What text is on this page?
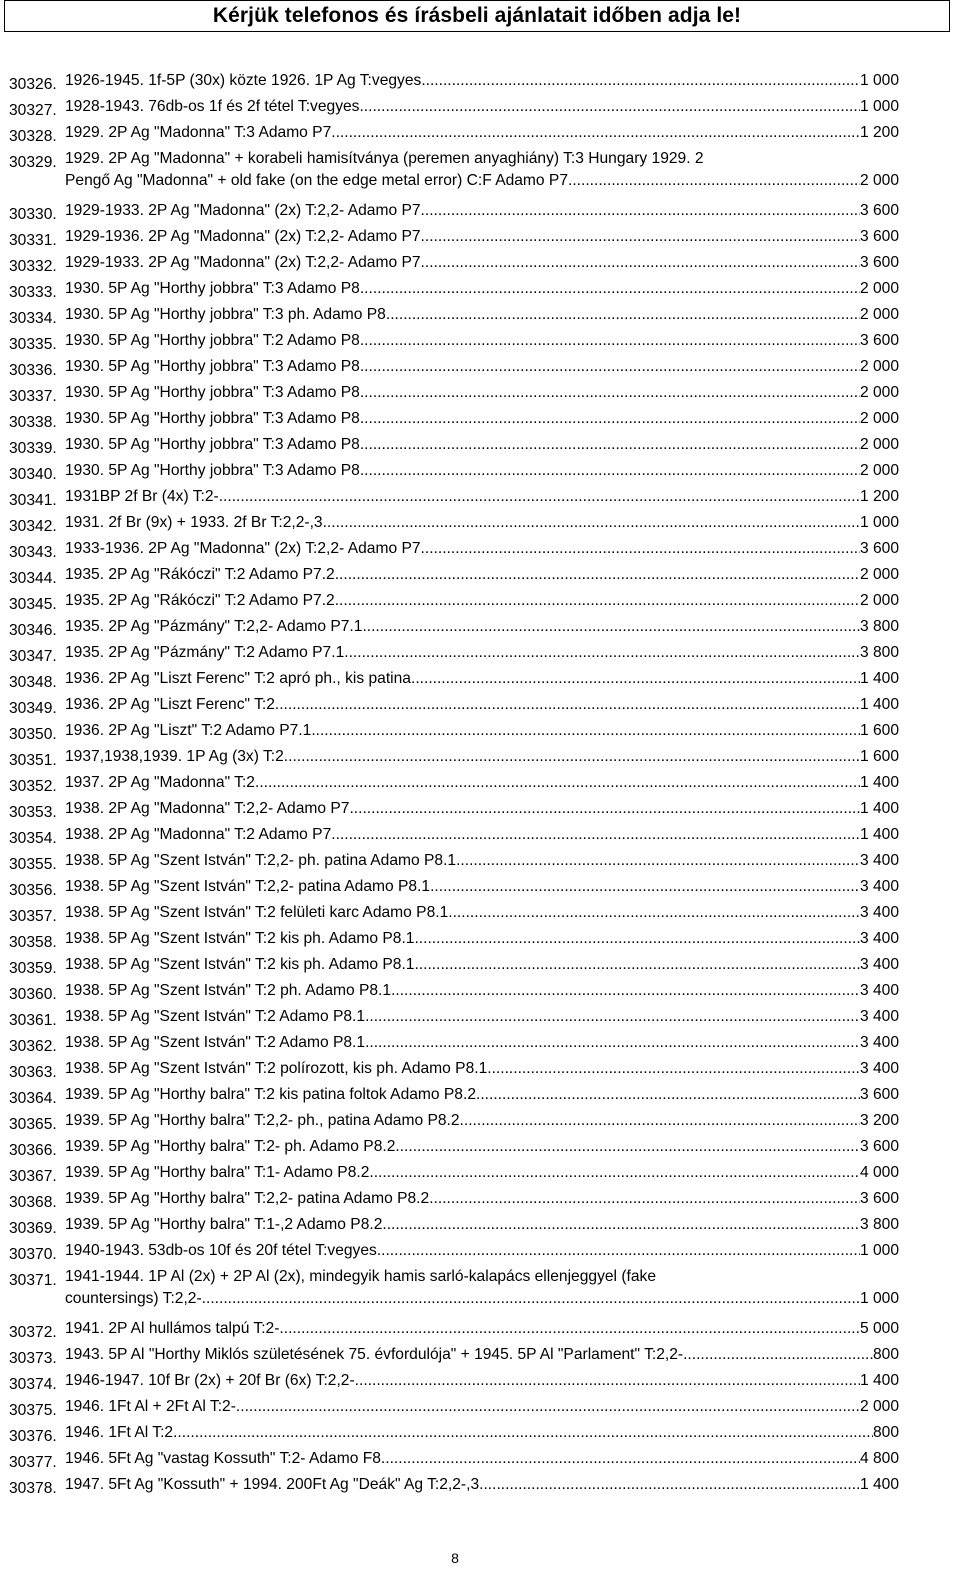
Kérjük telefonos és írásbeli ajánlatait időben adja le!
30326. 1926-1945. 1f-5P (30x) közte 1926. 1P Ag T:vegyes .....	1 000
30327. 1928-1943. 76db-os 1f és 2f tétel T:vegyes .....	1 000
30328. 1929. 2P Ag "Madonna" T:3 Adamo P7 .....	1 200
30329. 1929. 2P Ag "Madonna" + korabeli hamisítványa (peremen anyaghiány) T:3 Hungary 1929. 2
Pengő Ag "Madonna" + old fake (on the edge metal error) C:F Adamo P7 .....	2 000
30330. 1929-1933. 2P Ag "Madonna" (2x) T:2,2- Adamo P7 .....	3 600
30331. 1929-1936. 2P Ag "Madonna" (2x) T:2,2- Adamo P7 .....	3 600
30332. 1929-1933. 2P Ag "Madonna" (2x) T:2,2- Adamo P7 .....	3 600
30333. 1930. 5P Ag "Horthy jobbra" T:3 Adamo P8 .....	2 000
30334. 1930. 5P Ag "Horthy jobbra" T:3 ph. Adamo P8 .....	2 000
30335. 1930. 5P Ag "Horthy jobbra" T:2 Adamo P8 .....	3 600
30336. 1930. 5P Ag "Horthy jobbra" T:3 Adamo P8 .....	2 000
30337. 1930. 5P Ag "Horthy jobbra" T:3 Adamo P8 .....	2 000
30338. 1930. 5P Ag "Horthy jobbra" T:3 Adamo P8 .....	2 000
30339. 1930. 5P Ag "Horthy jobbra" T:3 Adamo P8 .....	2 000
30340. 1930. 5P Ag "Horthy jobbra" T:3 Adamo P8 .....	2 000
30341. 1931BP 2f Br (4x) T:2- .....	1 200
30342. 1931. 2f Br (9x) + 1933. 2f Br T:2,2-,3 .....	1 000
30343. 1933-1936. 2P Ag "Madonna" (2x) T:2,2- Adamo P7 .....	3 600
30344. 1935. 2P Ag "Rákóczi" T:2 Adamo P7.2 .....	2 000
30345. 1935. 2P Ag "Rákóczi" T:2 Adamo P7.2 .....	2 000
30346. 1935. 2P Ag "Pázmány" T:2,2- Adamo P7.1 .....	3 800
30347. 1935. 2P Ag "Pázmány" T:2 Adamo P7.1 .....	3 800
30348. 1936. 2P Ag "Liszt Ferenc" T:2 apró ph., kis patina .....	1 400
30349. 1936. 2P Ag "Liszt Ferenc" T:2 .....	1 400
30350. 1936. 2P Ag "Liszt" T:2 Adamo P7.1 .....	1 600
30351. 1937,1938,1939. 1P Ag (3x) T:2 .....	1 600
30352. 1937. 2P Ag "Madonna" T:2 .....	1 400
30353. 1938. 2P Ag "Madonna" T:2,2- Adamo P7 .....	1 400
30354. 1938. 2P Ag "Madonna" T:2 Adamo P7 .....	1 400
30355. 1938. 5P Ag "Szent István" T:2,2- ph. patina Adamo P8.1 .....	3 400
30356. 1938. 5P Ag "Szent István" T:2,2- patina Adamo P8.1 .....	3 400
30357. 1938. 5P Ag "Szent István" T:2 felületi karc Adamo P8.1 .....	3 400
30358. 1938. 5P Ag "Szent István" T:2 kis ph. Adamo P8.1 .....	3 400
30359. 1938. 5P Ag "Szent István" T:2 kis ph. Adamo P8.1 .....	3 400
30360. 1938. 5P Ag "Szent István" T:2 ph. Adamo P8.1 .....	3 400
30361. 1938. 5P Ag "Szent István" T:2 Adamo P8.1 .....	3 400
30362. 1938. 5P Ag "Szent István" T:2 Adamo P8.1 .....	3 400
30363. 1938. 5P Ag "Szent István" T:2 polírozott, kis ph. Adamo P8.1 .....	3 400
30364. 1939. 5P Ag "Horthy balra" T:2 kis patina foltok Adamo P8.2 .....	3 600
30365. 1939. 5P Ag "Horthy balra" T:2,2- ph., patina Adamo P8.2 .....	3 200
30366. 1939. 5P Ag "Horthy balra" T:2- ph. Adamo P8.2 .....	3 600
30367. 1939. 5P Ag "Horthy balra" T:1- Adamo P8.2 .....	4 000
30368. 1939. 5P Ag "Horthy balra" T:2,2- patina Adamo P8.2 .....	3 600
30369. 1939. 5P Ag "Horthy balra" T:1-,2 Adamo P8.2 .....	3 800
30370. 1940-1943. 53db-os 10f és 20f tétel T:vegyes .....	1 000
30371. 1941-1944. 1P Al (2x) + 2P Al (2x), mindegyik hamis sarló-kalapács ellenjeggyel (fake
countersings) T:2,2- .....	1 000
30372. 1941. 2P Al hullámos talpú T:2- .....	5 000
30373. 1943. 5P Al "Horthy Miklós születésének 75. évfordulója" + 1945. 5P Al "Parlament" T:2,2- .....	800
30374. 1946-1947. 10f Br (2x) + 20f Br (6x) T:2,2- .....	1 400
30375. 1946. 1Ft Al + 2Ft Al T:2- .....	2 000
30376. 1946. 1Ft Al T:2 .....	800
30377. 1946. 5Ft Ag "vastag Kossuth" T:2- Adamo F8 .....	4 800
30378. 1947. 5Ft Ag "Kossuth" + 1994. 200Ft Ag "Deák" Ag T:2,2-,3 .....	1 400
8
